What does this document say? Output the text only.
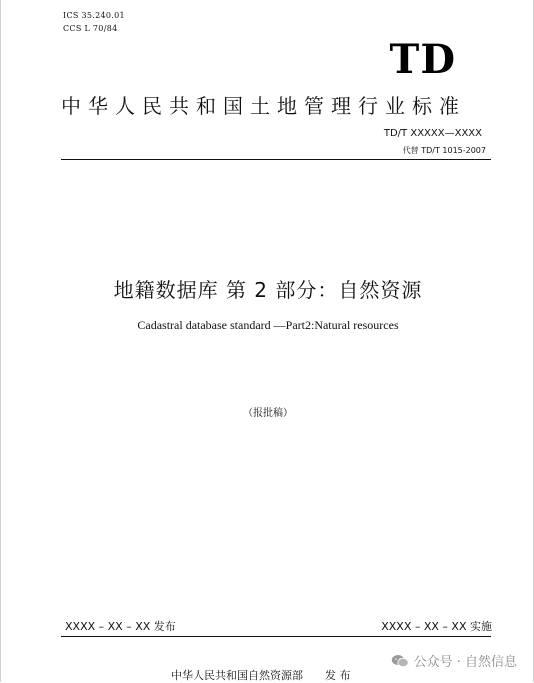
ICS 35.240.01
CCS L 70/84
TD
中华人民共和国土地管理行业标准
TD/T XXXXX—XXXX
代替 TD/T 1015-2007
地籍数据库 第 2 部分：自然资源
Cadastral database standard —Part2:Natural resources
（报批稿）
XXXX – XX – XX 发布	XXXX – XX – XX 实施
中华人民共和国自然资源部 发 布
公众号 · 自然信息
